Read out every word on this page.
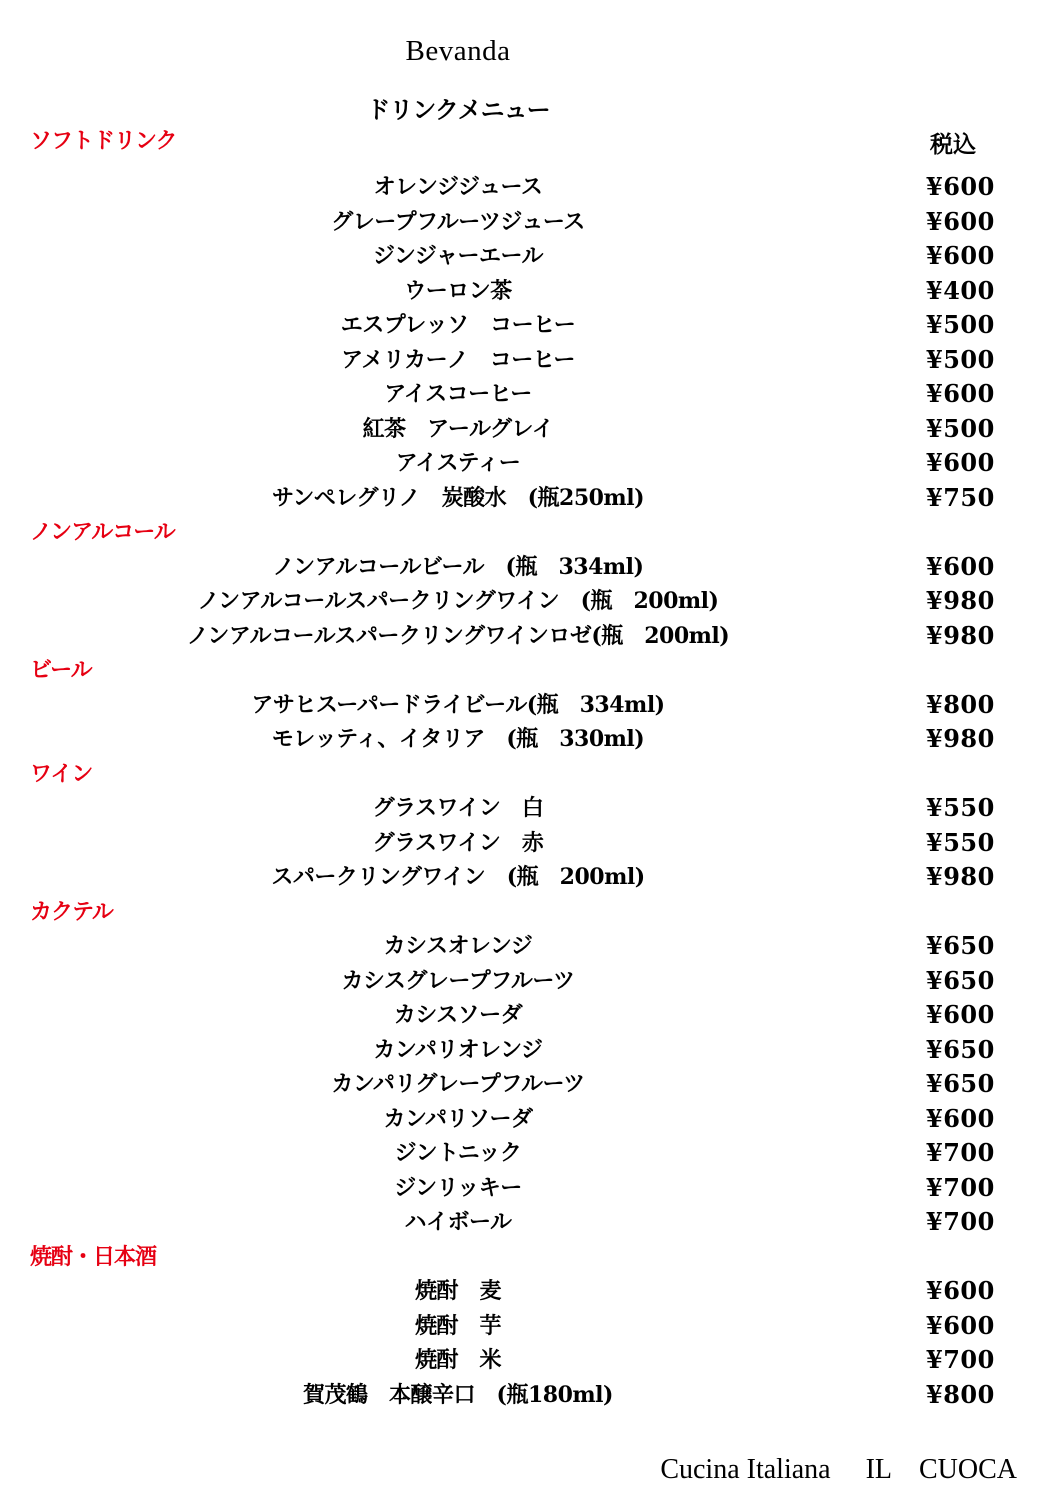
Bevanda
ドリンクメニュー
ソフトドリンク	税込
オレンジジュース	¥600
グレープフルーツジュース	¥600
ジンジャーエール	¥600
ウーロン茶	¥400
エスプレッソ　コーヒー	¥500
アメリカーノ　コーヒー	¥500
アイスコーヒー	¥600
紅茶　アールグレイ	¥500
アイスティー	¥600
サンペレグリノ　炭酸水　(瓶250ml)	¥750
ノンアルコール
ノンアルコールビール　(瓶　334ml)	¥600
ノンアルコールスパークリングワイン　(瓶　200ml)	¥980
ノンアルコールスパークリングワインロゼ(瓶　200ml)	¥980
ビール
アサヒスーパードライビール(瓶　334ml)	¥800
モレッティ、イタリア　(瓶　330ml)	¥980
ワイン
グラスワイン　白	¥550
グラスワイン　赤	¥550
スパークリングワイン　(瓶　200ml)	¥980
カクテル
カシスオレンジ	¥650
カシスグレープフルーツ	¥650
カシスソーダ	¥600
カンパリオレンジ	¥650
カンパリグレープフルーツ	¥650
カンパリソーダ	¥600
ジントニック	¥700
ジンリッキー	¥700
ハイボール	¥700
焼酎・日本酒
焼酎　麦	¥600
焼酎　芋	¥600
焼酎　米	¥700
賀茂鶴　本醸辛口　(瓶180ml)	¥800
Cucina Italiana　 IL　CUOCA
